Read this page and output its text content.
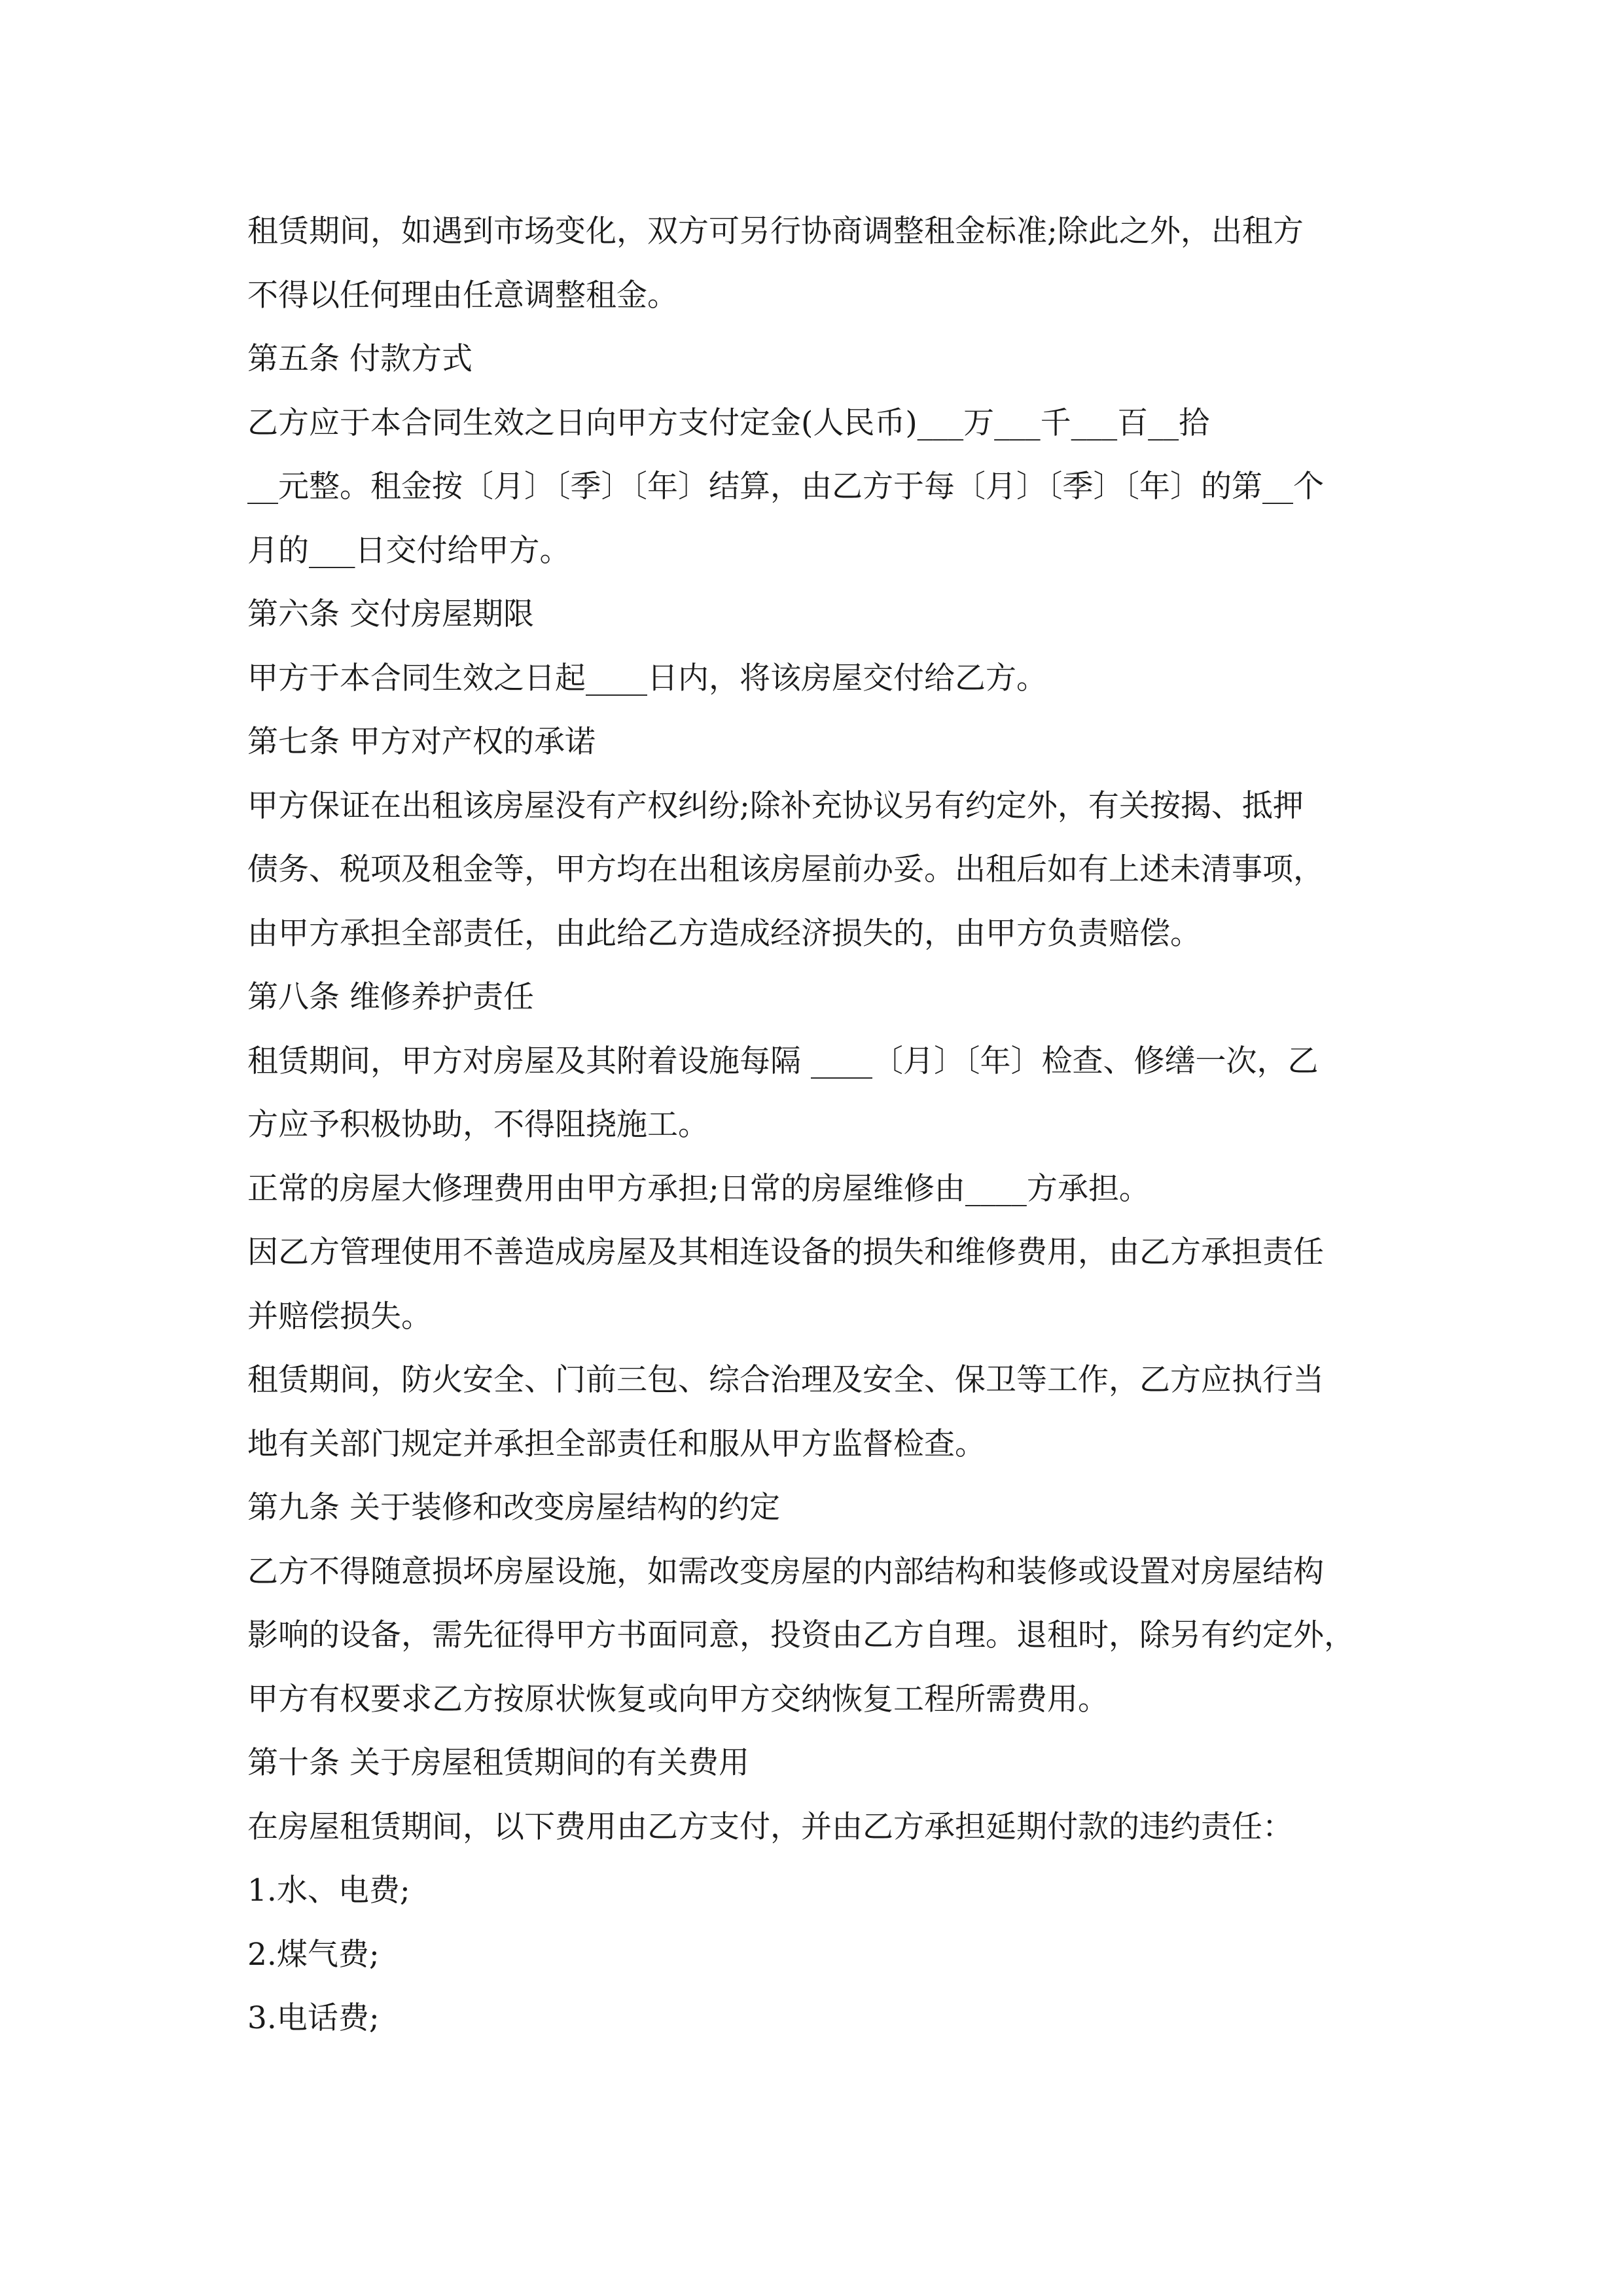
租赁期间，如遇到市场变化，双方可另行协商调整租金标准;除此之外，出租方
不得以任何理由任意调整租金。
第五条 付款方式
乙方应于本合同生效之日向甲方支付定金(人民币)___万___千___百__拾
__元整。租金按〔月〕〔季〕〔年〕结算，由乙方于每〔月〕〔季〕〔年〕的第__个
月的___日交付给甲方。
第六条 交付房屋期限
甲方于本合同生效之日起____日内，将该房屋交付给乙方。
第七条 甲方对产权的承诺
甲方保证在出租该房屋没有产权纠纷;除补充协议另有约定外，有关按揭、抵押
债务、税项及租金等，甲方均在出租该房屋前办妥。出租后如有上述未清事项，
由甲方承担全部责任，由此给乙方造成经济损失的，由甲方负责赔偿。
第八条 维修养护责任
租赁期间，甲方对房屋及其附着设施每隔 ____〔月〕〔年〕检查、修缮一次，乙
方应予积极协助，不得阻挠施工。
正常的房屋大修理费用由甲方承担;日常的房屋维修由____方承担。
因乙方管理使用不善造成房屋及其相连设备的损失和维修费用，由乙方承担责任
并赔偿损失。
租赁期间，防火安全、门前三包、综合治理及安全、保卫等工作，乙方应执行当
地有关部门规定并承担全部责任和服从甲方监督检查。
第九条 关于装修和改变房屋结构的约定
乙方不得随意损坏房屋设施，如需改变房屋的内部结构和装修或设置对房屋结构
影响的设备，需先征得甲方书面同意，投资由乙方自理。退租时，除另有约定外，
甲方有权要求乙方按原状恢复或向甲方交纳恢复工程所需费用。
第十条 关于房屋租赁期间的有关费用
在房屋租赁期间，以下费用由乙方支付，并由乙方承担延期付款的违约责任：
1.水、电费;
2.煤气费;
3.电话费;
